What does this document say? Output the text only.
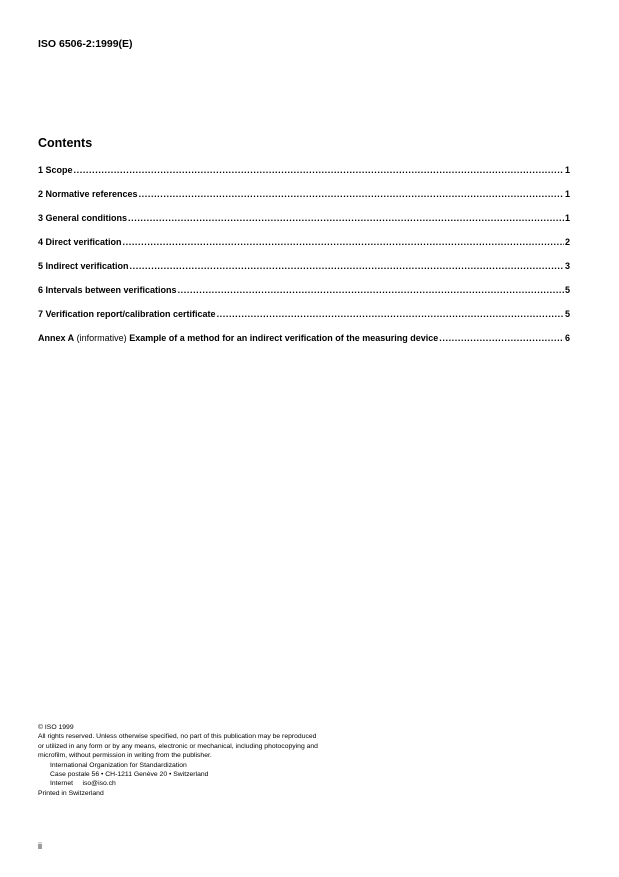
ISO 6506-2:1999(E)
Contents
1 Scope .....	1
2 Normative references .....	1
3 General conditions .....	1
4 Direct verification .....	2
5 Indirect verification .....	3
6 Intervals between verifications .....	5
7 Verification report/calibration certificate .....	5
Annex A (informative) Example of a method for an indirect verification of the measuring device .....	6
© ISO 1999
All rights reserved. Unless otherwise specified, no part of this publication may be reproduced
or utilized in any form or by any means, electronic or mechanical, including photocopying and
microfilm, without permission in writing from the publisher.
International Organization for Standardization
Case postale 56 • CH-1211 Genève 20 • Switzerland
Internet     iso@iso.ch
Printed in Switzerland
ii
